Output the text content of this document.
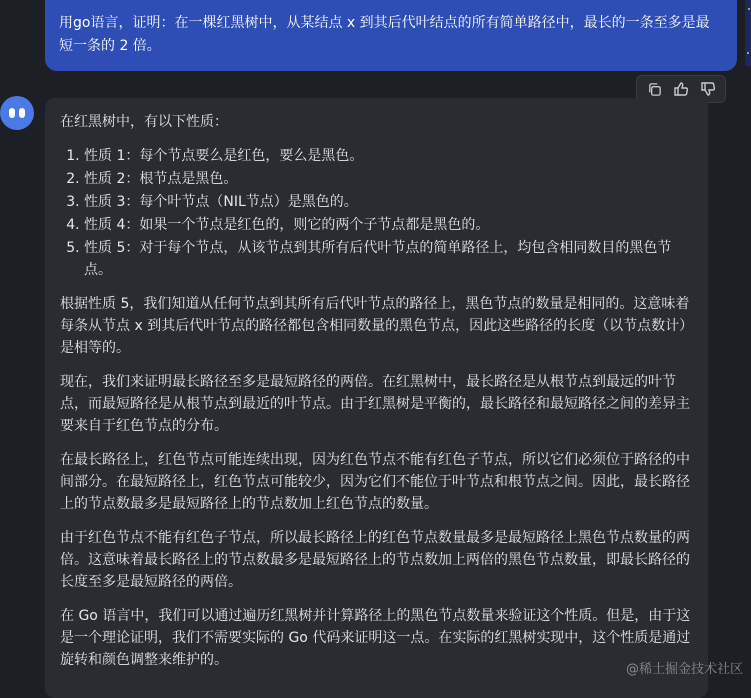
用go语言，证明：在一棵红黑树中，从某结点 x 到其后代叶结点的所有简单路径中，最长的一条至多是最短一条的 2 倍。

在红黑树中，有以下性质：

1. 性质 1：每个节点要么是红色，要么是黑色。
2. 性质 2：根节点是黑色。
3. 性质 3：每个叶节点（NIL节点）是黑色的。
4. 性质 4：如果一个节点是红色的，则它的两个子节点都是黑色的。
5. 性质 5：对于每个节点，从该节点到其所有后代叶节点的简单路径上，均包含相同数目的黑色节点。

根据性质 5，我们知道从任何节点到其所有后代叶节点的路径上，黑色节点的数量是相同的。这意味着每条从节点 x 到其后代叶节点的路径都包含相同数量的黑色节点，因此这些路径的长度（以节点数计）是相等的。

现在，我们来证明最长路径至多是最短路径的两倍。在红黑树中，最长路径是从根节点到最远的叶节点，而最短路径是从根节点到最近的叶节点。由于红黑树是平衡的，最长路径和最短路径之间的差异主要来自于红色节点的分布。

在最长路径上，红色节点可能连续出现，因为红色节点不能有红色子节点，所以它们必须位于路径的中间部分。在最短路径上，红色节点可能较少，因为它们不能位于叶节点和根节点之间。因此，最长路径上的节点数最多是最短路径上的节点数加上红色节点的数量。

由于红色节点不能有红色子节点，所以最长路径上的红色节点数量最多是最短路径上黑色节点数量的两倍。这意味着最长路径上的节点数最多是最短路径上的节点数加上两倍的黑色节点数量，即最长路径的长度至多是最短路径的两倍。

在 Go 语言中，我们可以通过遍历红黑树并计算路径上的黑色节点数量来验证这个性质。但是，由于这是一个理论证明，我们不需要实际的 Go 代码来证明这一点。在实际的红黑树实现中，这个性质是通过旋转和颜色调整来维护的。

@稀土掘金技术社区
